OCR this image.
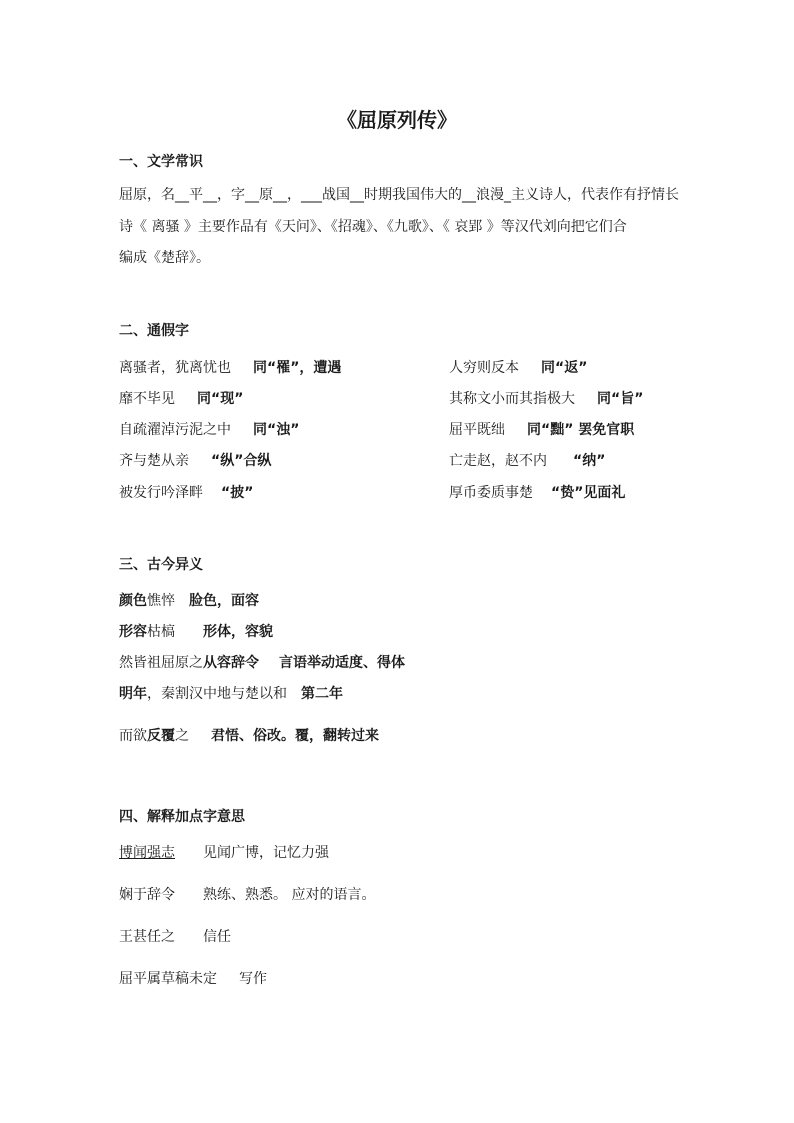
《屈原列传》
一、文学常识
屈原，名__平__，字__原__，___战国__时期我国伟大的__浪漫_主义诗人，代表作有抒情长
诗《 离骚 》主要作品有《天问》、《招魂》、《九歌》、《 哀郢 》等汉代刘向把它们合
编成《楚辞》。
二、通假字
离骚者，犹离忧也 同“罹”，遭遇
靡不毕见 同“现”
自疏濯淖污泥之中 同“浊”
齐与楚从亲 “纵”合纵
被发行吟泽畔 “披”
人穷则反本 同“返”
其称文小而其指极大 同“旨”
屈平既绌 同“黜” 罢免官职
亡走赵，赵不内 “纳”
厚币委质事楚 “贽”见面礼
三、古今异义
颜色憔悴 脸色，面容
形容枯槁 形体，容貌
然皆祖屈原之从容辞令 言语举动适度、得体
明年，秦割汉中地与楚以和 第二年
而欲反覆之 君悟、俗改。覆，翻转过来
四、解释加点字意思
博闻强志 见闻广博，记忆力强
娴于辞令 熟练、熟悉。 应对的语言。
王甚任之 信任
屈平属草稿未定 写作
